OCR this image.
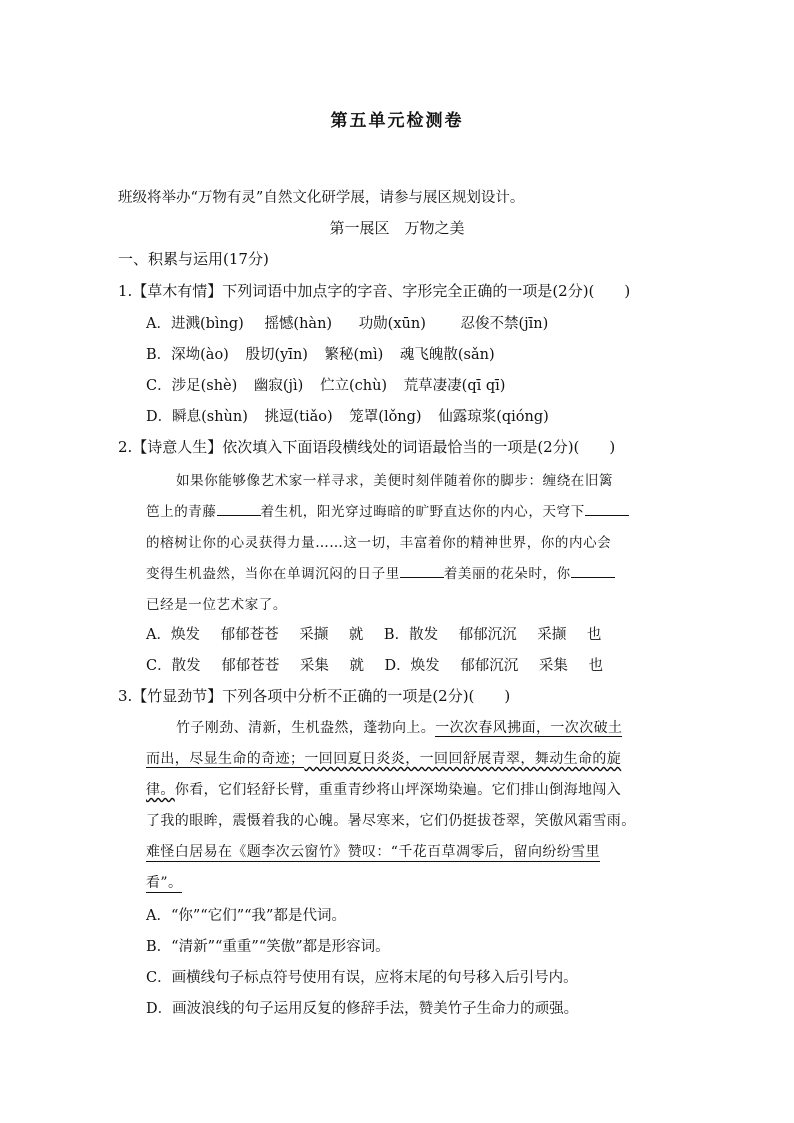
第五单元检测卷
班级将举办“万物有灵”自然文化研学展，请参与展区规划设计。
第一展区　万物之美
一、积累与运用(17分)
1.【草木有情】下列词语中加点字的字音、字形完全正确的一项是(2分)(　　)
A．进溅(bìng) 摇憾(hàn) 功勋(xūn) 忍俊不禁(jīn)
B．深坳(ào) 殷切(yīn) 繁秘(mì) 魂飞魄散(sǎn)
C．涉足(shè) 幽寂(jì) 伫立(chù) 荒草凄凄(qī qī)
D．瞬息(shùn) 挑逗(tiǎo) 笼罩(lǒng) 仙露琼浆(qióng)
2.【诗意人生】依次填入下面语段横线处的词语最恰当的一项是(2分)(　　)
如果你能够像艺术家一样寻求，美便时刻伴随着你的脚步：缠绕在旧篱
笆上的青藤	着生机，阳光穿过晦暗的旷野直达你的内心，天穹下
的榕树让你的心灵获得力量……这一切，丰富着你的精神世界，你的内心会
变得生机盎然，当你在单调沉闷的日子里	着美丽的花朵时，你
已经是一位艺术家了。
A．焕发 郁郁苍苍 采撷 就 B．散发 郁郁沉沉 采撷 也
C．散发 郁郁苍苍 采集 就 D．焕发 郁郁沉沉 采集 也
3.【竹显劲节】下列各项中分析不正确的一项是(2分)(　　)
竹子刚劲、清新，生机盎然，蓬勃向上。一次次春风拂面，一次次破土
而出，尽显生命的奇迹；一回回夏日炎炎，一回回舒展青翠，舞动生命的旋
律。你看，它们轻舒长臂，重重青纱将山坪深坳染遍。它们排山倒海地闯入
了我的眼眸，震慑着我的心魄。暑尽寒来，它们仍挺拔苍翠，笑傲风霜雪雨。
难怪白居易在《题李次云窗竹》赞叹：“千花百草凋零后，留向纷纷雪里
看”。
A．“你”“它们”“我”都是代词。
B．“清新”“重重”“笑傲”都是形容词。
C．画横线句子标点符号使用有误，应将末尾的句号移入后引号内。
D．画波浪线的句子运用反复的修辞手法，赞美竹子生命力的顽强。
